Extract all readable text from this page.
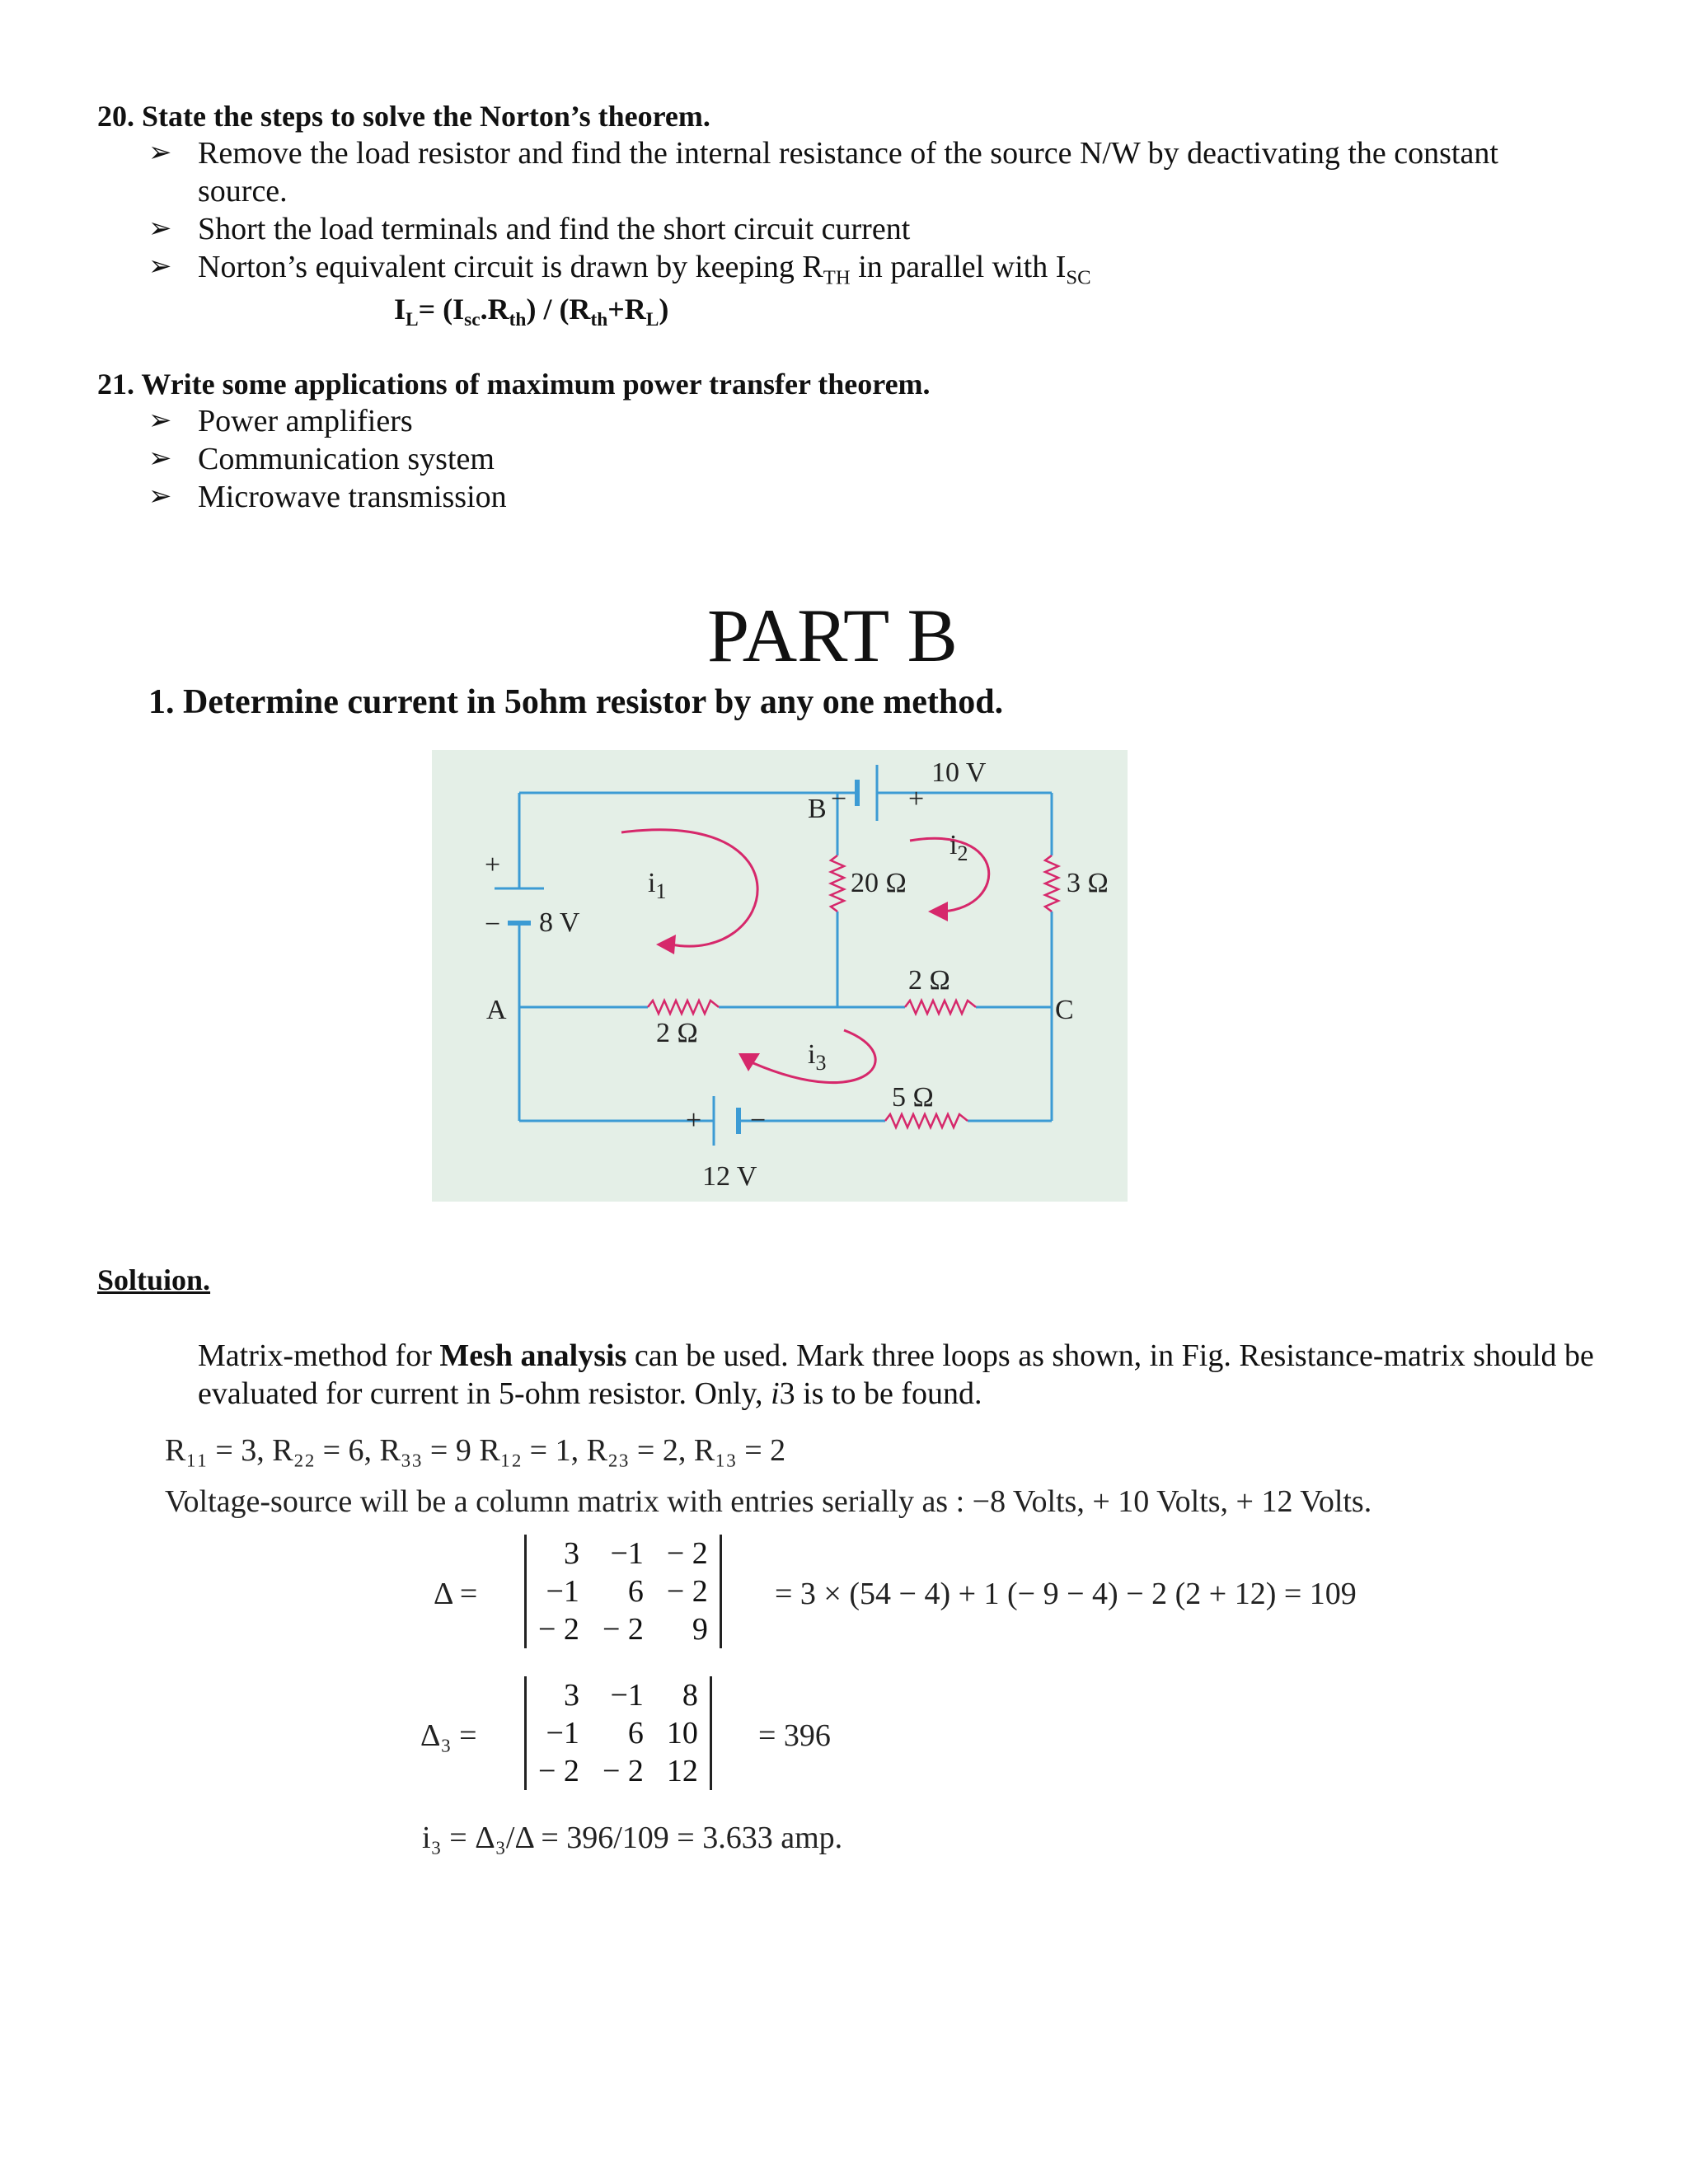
20. State the steps to solve the Norton’s theorem.
➢ Remove the load resistor and find the internal resistance of the source N/W by deactivating the constant
source.
➢ Short the load terminals and find the short circuit current
➢ Norton’s equivalent circuit is drawn by keeping $R_{TH}$ in parallel with $I_{SC}$
$I_L= (I_{sc}.R_{th}) / (R_{th}+R_L)$
21. Write some applications of maximum power transfer theorem.
➢ Power amplifiers
➢ Communication system
➢ Microwave transmission
PART B
1. Determine current in 5ohm resistor by any one method.
10 V
8 V
12 V
A
B
C
20 Ω	3 Ω
2 Ω
2 Ω
5 Ω
+
−
+
−
+ −
$i_1$
$i_2$
$i_3$
Soltuion.
Matrix-method for Mesh analysis can be used. Mark three loops as shown, in Fig. Resistance-matrix should be evaluated for current in 5-ohm resistor. Only, i3 is to be found.
R₁₁ = 3, R₂₂ = 6, R₃₃ = 9 R₁₂ = 1, R₂₃ = 2, R₁₃ = 2
Voltage-source will be a column matrix with entries serially as : −8 Volts, + 10 Volts, + 12 Volts.
Δ =
3	−1	− 2
−1	6	− 2
− 2	− 2	9
= 3 × (54 − 4) + 1 (− 9 − 4) − 2 (2 + 12) = 109
Δ₃ =
3	−1	8
−1	6	10
− 2	− 2	12
= 396
i₃ = Δ₃/Δ = 396/109 = 3.633 amp.
